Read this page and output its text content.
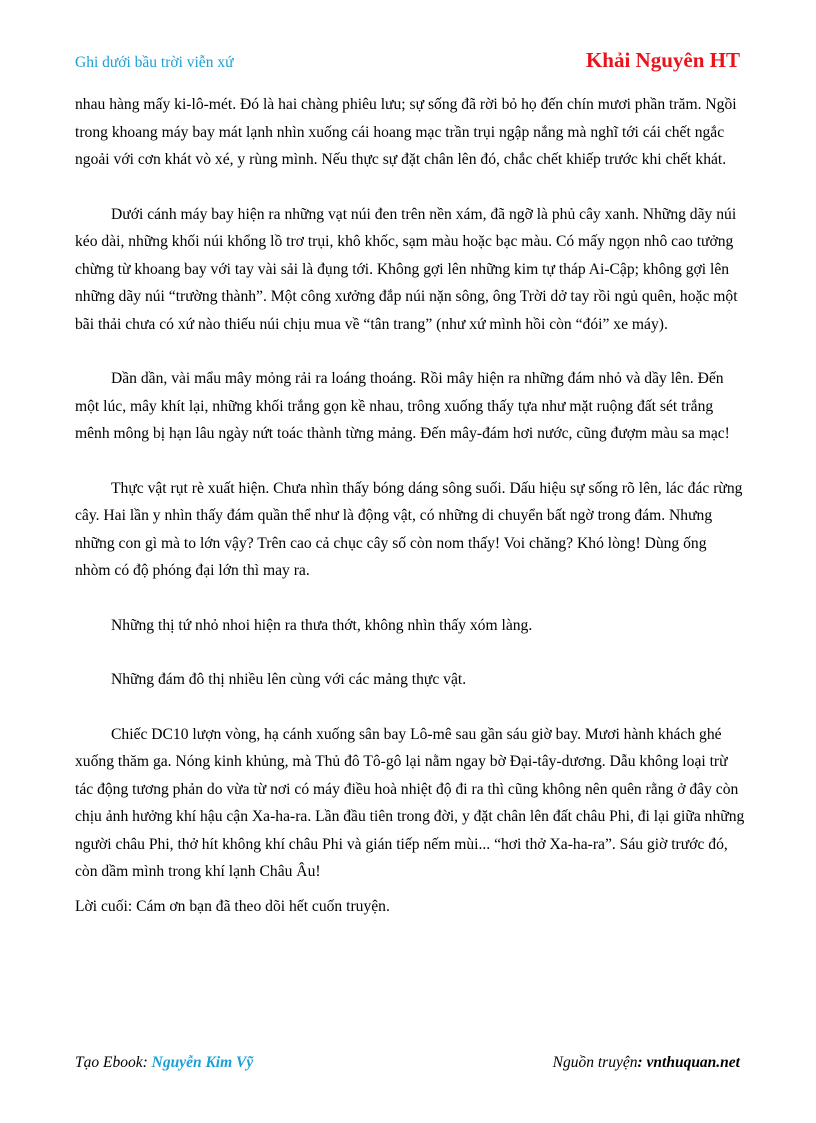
Ghi dưới bầu trời viễn xứ	Khải Nguyên HT

nhau hàng mấy ki-lô-mét. Đó là hai chàng phiêu lưu; sự sống đã rời bỏ họ đến chín mươi phần trăm. Ngồi trong khoang máy bay mát lạnh nhìn xuống cái hoang mạc trần trụi ngập nắng mà nghĩ tới cái chết ngắc ngoải với cơn khát vò xé, y rùng mình. Nếu thực sự đặt chân lên đó, chắc chết khiếp trước khi chết khát.

Dưới cánh máy bay hiện ra những vạt núi đen trên nền xám, đã ngỡ là phủ cây xanh. Những dãy núi kéo dài, những khối núi khổng lồ trơ trụi, khô khốc, sạm màu hoặc bạc màu. Có mấy ngọn nhô cao tưởng chừng từ khoang bay với tay vài sải là đụng tới. Không gợi lên những kim tự tháp Ai-Cập; không gợi lên những dãy núi “trường thành”. Một công xưởng đắp núi nặn sông, ông Trời dở tay rồi ngủ quên, hoặc một bãi thải chưa có xứ nào thiếu núi chịu mua về “tân trang” (như xứ mình hồi còn “đói” xe máy).

Dần dần, vài mẩu mây mỏng rải ra loáng thoáng. Rồi mây hiện ra những đám nhỏ và dầy lên. Đến một lúc, mây khít lại, những khối trắng gọn kề nhau, trông xuống thấy tựa như mặt ruộng đất sét trắng mênh mông bị hạn lâu ngày nứt toác thành từng mảng. Đến mây-đám hơi nước, cũng đượm màu sa mạc!

Thực vật rụt rè xuất hiện. Chưa nhìn thấy bóng dáng sông suối. Dấu hiệu sự sống rõ lên, lác đác rừng cây. Hai lần y nhìn thấy đám quần thể như là động vật, có những di chuyển bất ngờ trong đám. Nhưng những con gì mà to lớn vậy? Trên cao cả chục cây số còn nom thấy! Voi chăng? Khó lòng! Dùng ống nhòm có độ phóng đại lớn thì may ra.

Những thị tứ nhỏ nhoi hiện ra thưa thớt, không nhìn thấy xóm làng.

Những đám đô thị nhiều lên cùng với các mảng thực vật.

Chiếc DC10 lượn vòng, hạ cánh xuống sân bay Lô-mê sau gần sáu giờ bay. Mươi hành khách ghé xuống thăm ga. Nóng kinh khủng, mà Thủ đô Tô-gô lại nằm ngay bờ Đại-tây-dương. Dẫu không loại trừ tác động tương phản do vừa từ nơi có máy điều hoà nhiệt độ đi ra thì cũng không nên quên rằng ở đây còn chịu ảnh hưởng khí hậu cận Xa-ha-ra. Lần đầu tiên trong đời, y đặt chân lên đất châu Phi, đi lại giữa những người châu Phi, thở hít không khí châu Phi và gián tiếp nếm mùi... “hơi thở Xa-ha-ra”. Sáu giờ trước đó, còn dầm mình trong khí lạnh Châu Âu!

Lời cuối: Cám ơn bạn đã theo dõi hết cuốn truyện.

Tạo Ebook: Nguyễn Kim Vỹ	Nguồn truyện: vnthuquan.net
